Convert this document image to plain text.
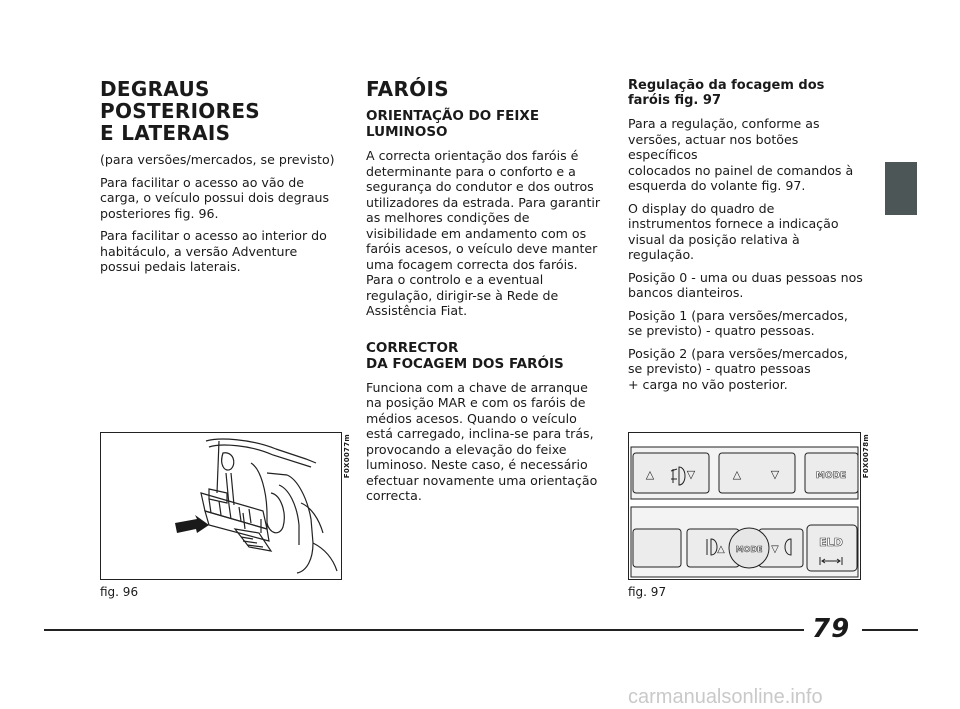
DEGRAUS
POSTERIORES
E LATERAIS

(para versões/mercados, se previsto)

Para facilitar o acesso ao vão de
carga, o veículo possui dois degraus
posteriores fig. 96.

Para facilitar o acesso ao interior do
habitáculo, a versão Adventure
possui pedais laterais.

FARÓIS
ORIENTAÇÃO DO FEIXE
LUMINOSO

A correcta orientação dos faróis é
determinante para o conforto e a
segurança do condutor e dos outros
utilizadores da estrada. Para garantir
as melhores condições de
visibilidade em andamento com os
faróis acesos, o veículo deve manter
uma focagem correcta dos faróis.
Para o controlo e a eventual
regulação, dirigir-se à Rede de
Assistência Fiat.

CORRECTOR
DA FOCAGEM DOS FARÓIS

Funciona com a chave de arranque
na posição MAR e com os faróis de
médios acesos. Quando o veículo
está carregado, inclina-se para trás,
provocando a elevação do feixe
luminoso. Neste caso, é necessário
efectuar novamente uma orientação
correcta.

Regulação da focagem dos
faróis fig. 97

Para a regulação, conforme as
versões, actuar nos botões específicos
colocados no painel de comandos à
esquerda do volante fig. 97.

O display do quadro de
instrumentos fornece a indicação
visual da posição relativa à regulação.

Posição 0 - uma ou duas pessoas nos
bancos dianteiros.

Posição 1 (para versões/mercados,
se previsto) - quatro pessoas.

Posição 2 (para versões/mercados,
se previsto) - quatro pessoas
+ carga no vão posterior.

F0X0077m
fig. 96
△	▽	△	▽
△	▽
MODE
MODE
ELD
F0X0078m
fig. 97
79
carmanualsonline.info
